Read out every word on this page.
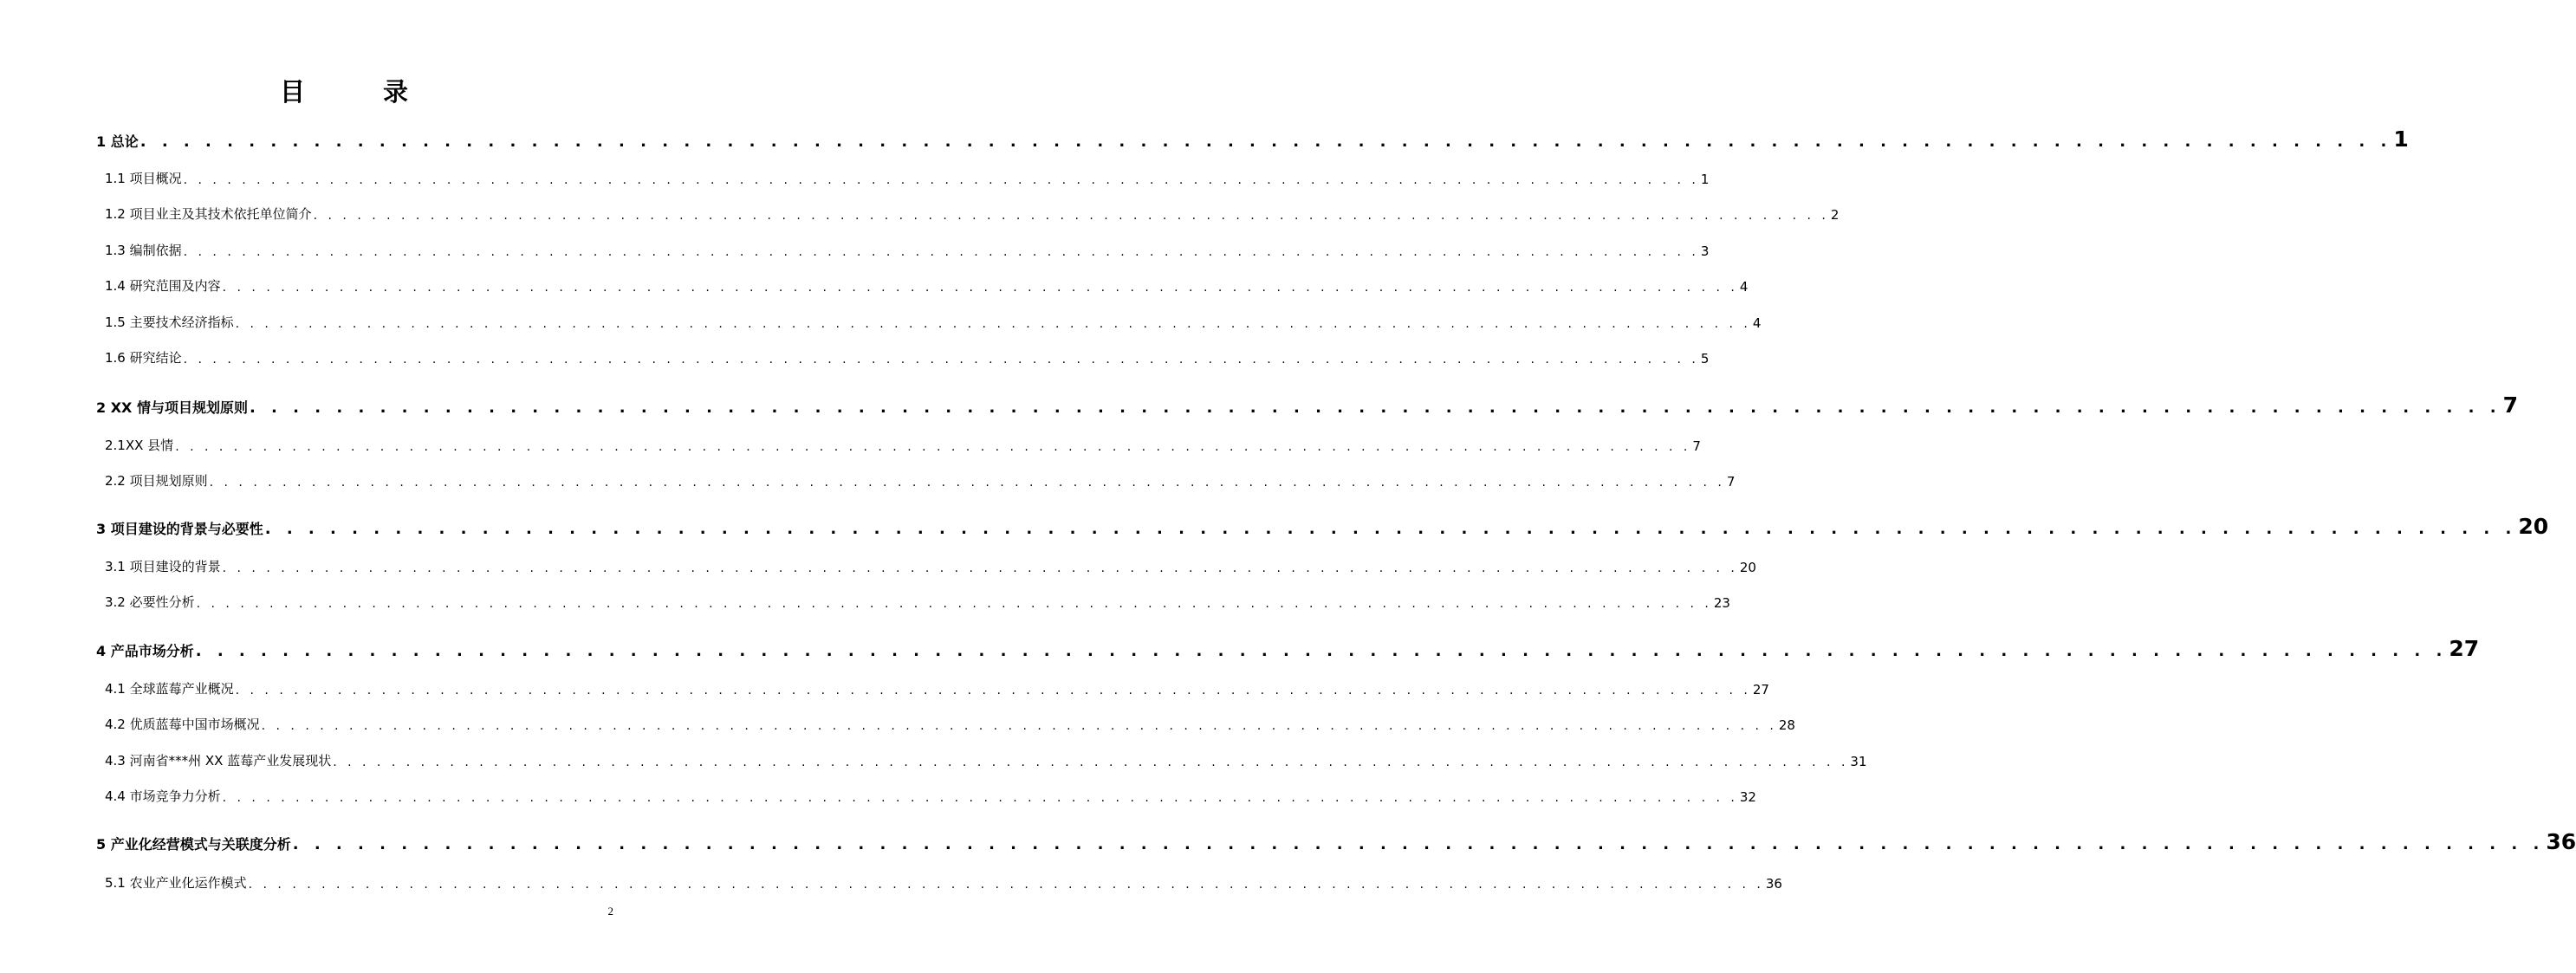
目 录
1 总论 . . . . . . . . . . . . . . . . . . . . . . . . . . . . . . . . . . . . . . . . . . . . . . . . . . . . . . . . . . . . . . . . . . . . . . . . . . . . . . . . . . . . . . . . . . . . . . . . . . . . . . . . 1
1.1 项目概况 . . . . . . . . . . . . . . . . . . . . . . . . . . . . . . . . . . . . . . . . . . . . . . . . . . . . . . . . . . . . . . . . . . . . . . . . . . . . . . . . . . . . . . . . . . . . . . . . . . . . . . . . 1
1.2 项目业主及其技术依托单位简介 . . . . . . . . . . . . . . . . . . . . . . . . . . . . . . . . . . . . . . . . . . . . . . . . . . . . . . . . . . . . . . . . . . . . . . . . . . . . . . . . . . . . . . . . . . . . . . . . . . . . . . . . 2
1.3 编制依据 . . . . . . . . . . . . . . . . . . . . . . . . . . . . . . . . . . . . . . . . . . . . . . . . . . . . . . . . . . . . . . . . . . . . . . . . . . . . . . . . . . . . . . . . . . . . . . . . . . . . . . . . 3
1.4 研究范围及内容 . . . . . . . . . . . . . . . . . . . . . . . . . . . . . . . . . . . . . . . . . . . . . . . . . . . . . . . . . . . . . . . . . . . . . . . . . . . . . . . . . . . . . . . . . . . . . . . . . . . . . . . . 4
1.5 主要技术经济指标 . . . . . . . . . . . . . . . . . . . . . . . . . . . . . . . . . . . . . . . . . . . . . . . . . . . . . . . . . . . . . . . . . . . . . . . . . . . . . . . . . . . . . . . . . . . . . . . . . . . . . . . . 4
1.6 研究结论 . . . . . . . . . . . . . . . . . . . . . . . . . . . . . . . . . . . . . . . . . . . . . . . . . . . . . . . . . . . . . . . . . . . . . . . . . . . . . . . . . . . . . . . . . . . . . . . . . . . . . . . . 5
2 XX 情与项目规划原则 . . . . . . . . . . . . . . . . . . . . . . . . . . . . . . . . . . . . . . . . . . . . . . . . . . . . . . . . . . . . . . . . . . . . . . . . . . . . . . . . . . . . . . . . . . . . . . . . . . . . . . . . 7
2.1XX 县情 . . . . . . . . . . . . . . . . . . . . . . . . . . . . . . . . . . . . . . . . . . . . . . . . . . . . . . . . . . . . . . . . . . . . . . . . . . . . . . . . . . . . . . . . . . . . . . . . . . . . . . . . 7
2.2 项目规划原则 . . . . . . . . . . . . . . . . . . . . . . . . . . . . . . . . . . . . . . . . . . . . . . . . . . . . . . . . . . . . . . . . . . . . . . . . . . . . . . . . . . . . . . . . . . . . . . . . . . . . . . . . 7
3 项目建设的背景与必要性 . . . . . . . . . . . . . . . . . . . . . . . . . . . . . . . . . . . . . . . . . . . . . . . . . . . . . . . . . . . . . . . . . . . . . . . . . . . . . . . . . . . . . . . . . . . . . . . . . . . . . . . . 20
3.1 项目建设的背景 . . . . . . . . . . . . . . . . . . . . . . . . . . . . . . . . . . . . . . . . . . . . . . . . . . . . . . . . . . . . . . . . . . . . . . . . . . . . . . . . . . . . . . . . . . . . . . . . . . . . . . . . 20
3.2 必要性分析 . . . . . . . . . . . . . . . . . . . . . . . . . . . . . . . . . . . . . . . . . . . . . . . . . . . . . . . . . . . . . . . . . . . . . . . . . . . . . . . . . . . . . . . . . . . . . . . . . . . . . . . . 23
4 产品市场分析 . . . . . . . . . . . . . . . . . . . . . . . . . . . . . . . . . . . . . . . . . . . . . . . . . . . . . . . . . . . . . . . . . . . . . . . . . . . . . . . . . . . . . . . . . . . . . . . . . . . . . . . . 27
4.1 全球蓝莓产业概况 . . . . . . . . . . . . . . . . . . . . . . . . . . . . . . . . . . . . . . . . . . . . . . . . . . . . . . . . . . . . . . . . . . . . . . . . . . . . . . . . . . . . . . . . . . . . . . . . . . . . . . . . 27
4.2 优质蓝莓中国市场概况 . . . . . . . . . . . . . . . . . . . . . . . . . . . . . . . . . . . . . . . . . . . . . . . . . . . . . . . . . . . . . . . . . . . . . . . . . . . . . . . . . . . . . . . . . . . . . . . . . . . . . . . . 28
4.3 河南省***州 XX 蓝莓产业发展现状 . . . . . . . . . . . . . . . . . . . . . . . . . . . . . . . . . . . . . . . . . . . . . . . . . . . . . . . . . . . . . . . . . . . . . . . . . . . . . . . . . . . . . . . . . . . . . . . . . . . . . . . . 31
4.4 市场竞争力分析 . . . . . . . . . . . . . . . . . . . . . . . . . . . . . . . . . . . . . . . . . . . . . . . . . . . . . . . . . . . . . . . . . . . . . . . . . . . . . . . . . . . . . . . . . . . . . . . . . . . . . . . . 32
5 产业化经营模式与关联度分析 . . . . . . . . . . . . . . . . . . . . . . . . . . . . . . . . . . . . . . . . . . . . . . . . . . . . . . . . . . . . . . . . . . . . . . . . . . . . . . . . . . . . . . . . . . . . . . . . . . . . . . . . 36
5.1 农业产业化运作模式 . . . . . . . . . . . . . . . . . . . . . . . . . . . . . . . . . . . . . . . . . . . . . . . . . . . . . . . . . . . . . . . . . . . . . . . . . . . . . . . . . . . . . . . . . . . . . . . . . . . . . . . . 36
2
